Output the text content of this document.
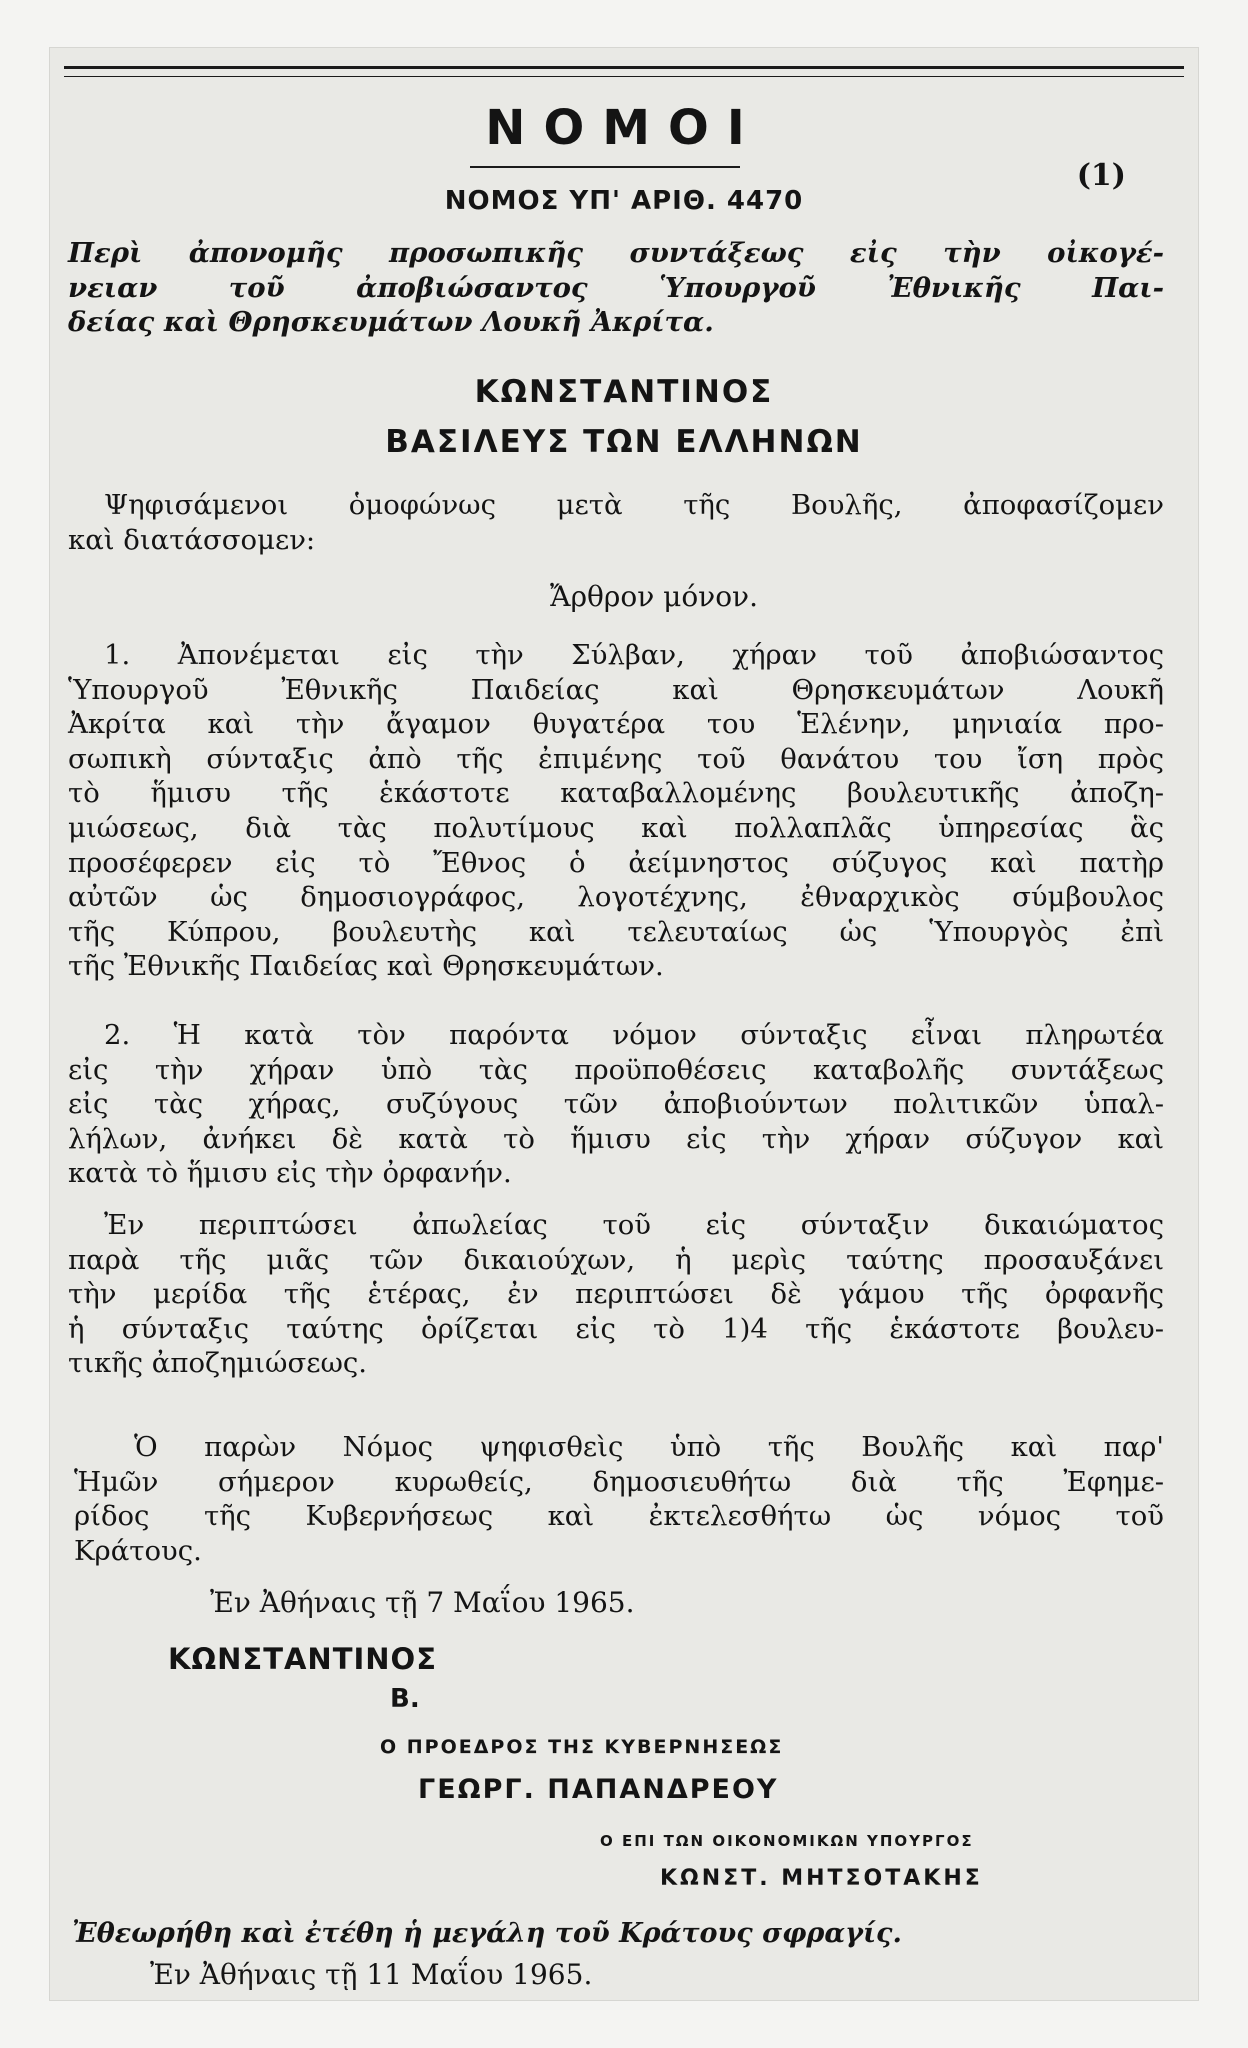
ΝΟΜΟΙ
(1)
ΝΟΜΟΣ ΥΠ' ΑΡΙΘ. 4470
Περὶ ἀπονομῆς προσωπικῆς συντάξεως εἰς τὴν οἰκογέ-
νειαν τοῦ ἀποβιώσαντος Ὑπουργοῦ Ἐθνικῆς Παι-
δείας καὶ Θρησκευμάτων Λουκῆ Ἀκρίτα.
ΚΩΝΣΤΑΝΤΙΝΟΣ
ΒΑΣΙΛΕΥΣ ΤΩΝ ΕΛΛΗΝΩΝ
Ψηφισάμενοι ὁμοφώνως μετὰ τῆς Βουλῆς, ἀποφασίζομεν
καὶ διατάσσομεν:
Ἄρθρον μόνον.
1. Ἀπονέμεται εἰς τὴν Σύλβαν, χήραν τοῦ ἀποβιώσαντος
Ὑπουργοῦ Ἐθνικῆς Παιδείας καὶ Θρησκευμάτων Λουκῆ
Ἀκρίτα καὶ τὴν ἄγαμον θυγατέρα του Ἑλένην, μηνιαία προ-
σωπικὴ σύνταξις ἀπὸ τῆς ἐπιμένης τοῦ θανάτου του ἴση πρὸς
τὸ ἥμισυ τῆς ἑκάστοτε καταβαλλομένης βουλευτικῆς ἀποζη-
μιώσεως, διὰ τὰς πολυτίμους καὶ πολλαπλᾶς ὑπηρεσίας ἃς
προσέφερεν εἰς τὸ Ἔθνος ὁ ἀείμνηστος σύζυγος καὶ πατὴρ
αὐτῶν ὡς δημοσιογράφος, λογοτέχνης, ἐθναρχικὸς σύμβουλος
τῆς Κύπρου, βουλευτὴς καὶ τελευταίως ὡς Ὑπουργὸς ἐπὶ
τῆς Ἐθνικῆς Παιδείας καὶ Θρησκευμάτων.
2. Ἡ κατὰ τὸν παρόντα νόμον σύνταξις εἶναι πληρωτέα
εἰς τὴν χήραν ὑπὸ τὰς προϋποθέσεις καταβολῆς συντάξεως
εἰς τὰς χήρας, συζύγους τῶν ἀποβιούντων πολιτικῶν ὑπαλ-
λήλων, ἀνήκει δὲ κατὰ τὸ ἥμισυ εἰς τὴν χήραν σύζυγον καὶ
κατὰ τὸ ἥμισυ εἰς τὴν ὀρφανήν.
Ἐν περιπτώσει ἀπωλείας τοῦ εἰς σύνταξιν δικαιώματος
παρὰ τῆς μιᾶς τῶν δικαιούχων, ἡ μερὶς ταύτης προσαυξάνει
τὴν μερίδα τῆς ἑτέρας, ἐν περιπτώσει δὲ γάμου τῆς ὀρφανῆς
ἡ σύνταξις ταύτης ὁρίζεται εἰς τὸ 1)4 τῆς ἑκάστοτε βουλευ-
τικῆς ἀποζημιώσεως.
Ὁ παρὼν Νόμος ψηφισθεὶς ὑπὸ τῆς Βουλῆς καὶ παρ'
Ἡμῶν σήμερον κυρωθείς, δημοσιευθήτω διὰ τῆς Ἐφημε-
ρίδος τῆς Κυβερνήσεως καὶ ἐκτελεσθήτω ὡς νόμος τοῦ
Κράτους.
Ἐν Ἀθήναις τῇ 7 Μαΐου 1965.
ΚΩΝΣΤΑΝΤΙΝΟΣ
Β.
Ο ΠΡΟΕΔΡΟΣ ΤΗΣ ΚΥΒΕΡΝΗΣΕΩΣ
ΓΕΩΡΓ. ΠΑΠΑΝΔΡΕΟΥ
Ο ΕΠΙ ΤΩΝ ΟΙΚΟΝΟΜΙΚΩΝ ΥΠΟΥΡΓΟΣ
ΚΩΝΣΤ. ΜΗΤΣΟΤΑΚΗΣ
Ἐθεωρήθη καὶ ἐτέθη ἡ μεγάλη τοῦ Κράτους σφραγίς.
Ἐν Ἀθήναις τῇ 11 Μαΐου 1965.
